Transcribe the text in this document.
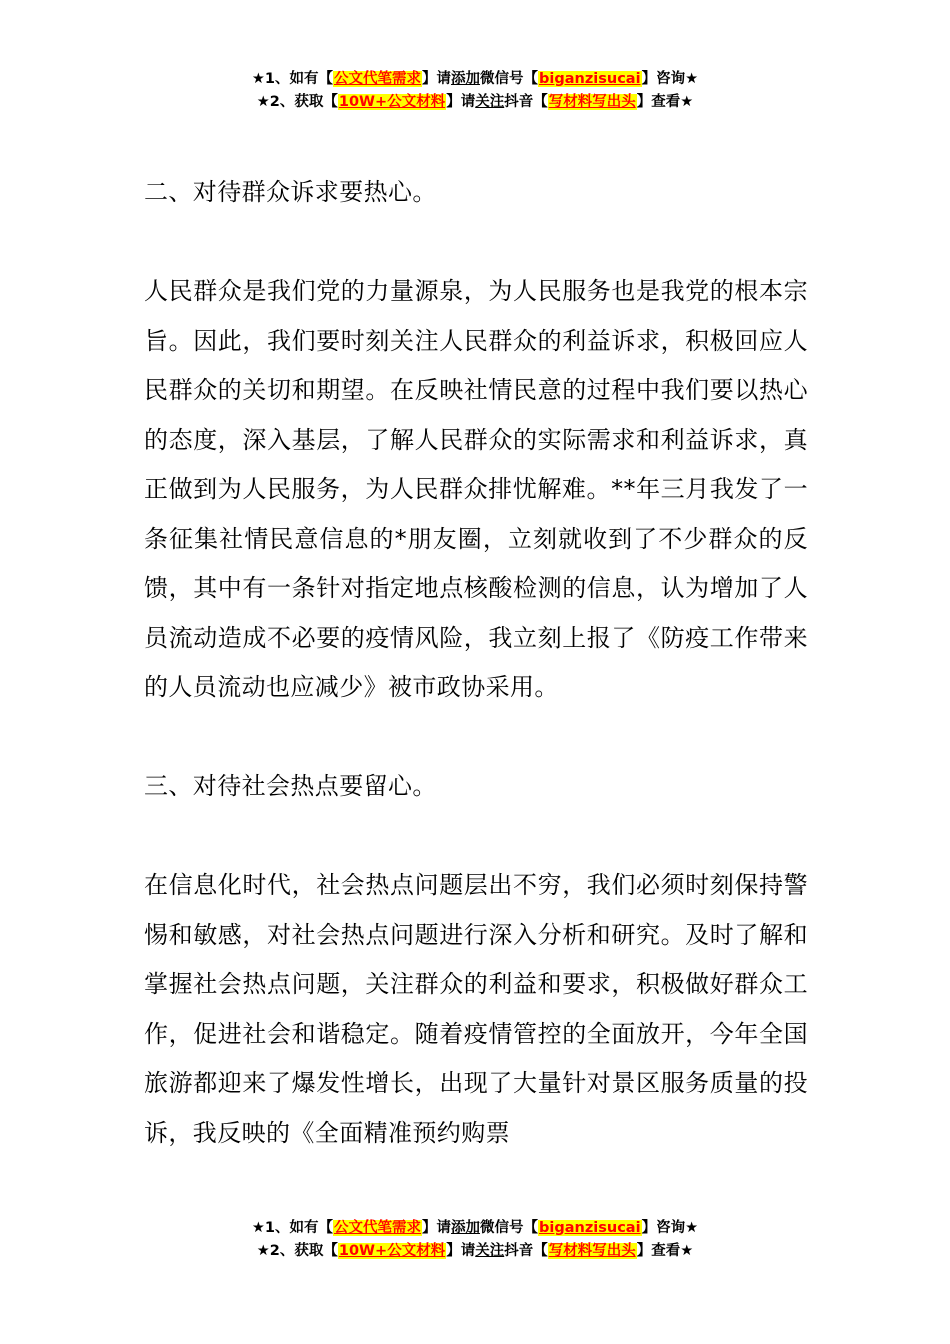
★1、如有【公文代笔需求】请添加微信号【biganzisucai】咨询★
★2、获取【10W+公文材料】请关注抖音【写材料写出头】查看★

二、对待群众诉求要热心。

人民群众是我们党的力量源泉，为人民服务也是我党的根本宗旨。因此，我们要时刻关注人民群众的利益诉求，积极回应人民群众的关切和期望。在反映社情民意的过程中我们要以热心的态度，深入基层，了解人民群众的实际需求和利益诉求，真正做到为人民服务，为人民群众排忧解难。**年三月我发了一条征集社情民意信息的*朋友圈，立刻就收到了不少群众的反馈，其中有一条针对指定地点核酸检测的信息，认为增加了人员流动造成不必要的疫情风险，我立刻上报了《防疫工作带来的人员流动也应减少》被市政协采用。

三、对待社会热点要留心。

在信息化时代，社会热点问题层出不穷，我们必须时刻保持警惕和敏感，对社会热点问题进行深入分析和研究。及时了解和掌握社会热点问题，关注群众的利益和要求，积极做好群众工作，促进社会和谐稳定。随着疫情管控的全面放开，今年全国旅游都迎来了爆发性增长，出现了大量针对景区服务质量的投诉，我反映的《全面精准预约购票

★1、如有【公文代笔需求】请添加微信号【biganzisucai】咨询★
★2、获取【10W+公文材料】请关注抖音【写材料写出头】查看★
